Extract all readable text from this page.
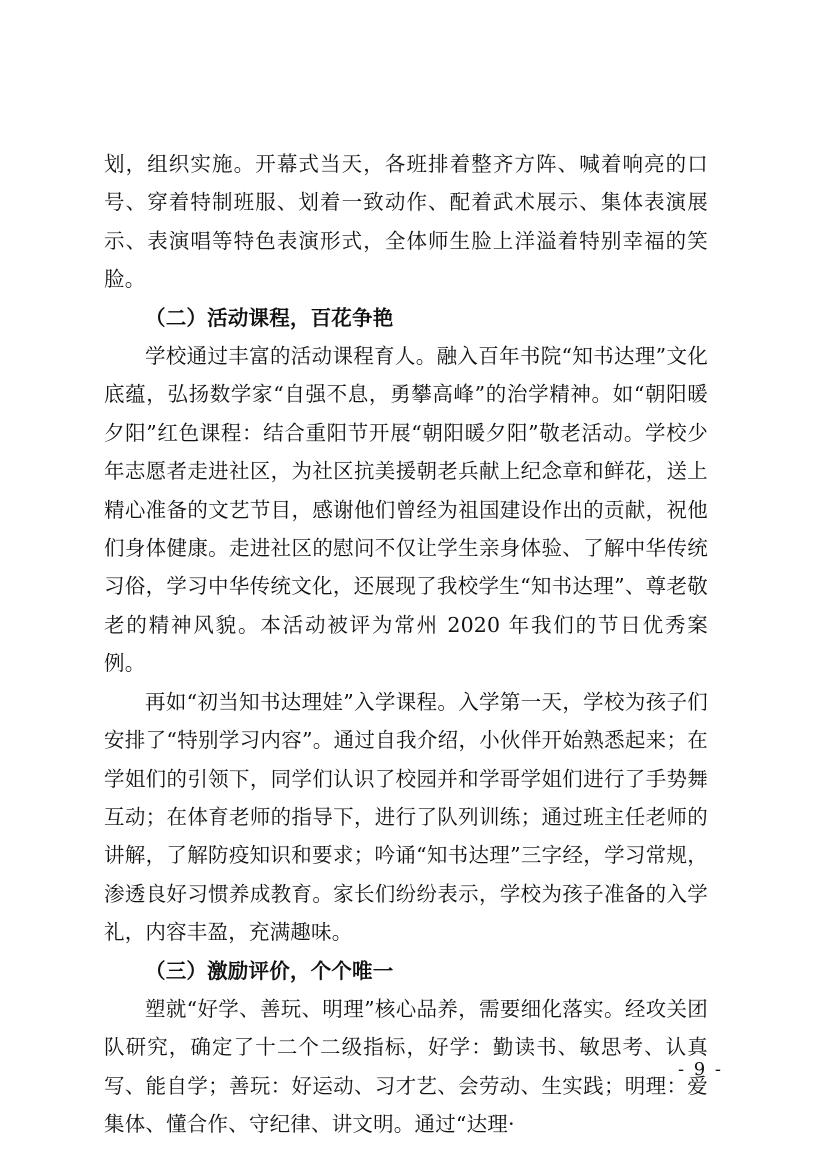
划，组织实施。开幕式当天，各班排着整齐方阵、喊着响亮的口号、穿着特制班服、划着一致动作、配着武术展示、集体表演展示、表演唱等特色表演形式，全体师生脸上洋溢着特别幸福的笑脸。

（二）活动课程，百花争艳

学校通过丰富的活动课程育人。融入百年书院“知书达理”文化底蕴，弘扬数学家“自强不息，勇攀高峰”的治学精神。如“朝阳暖夕阳”红色课程：结合重阳节开展“朝阳暖夕阳”敬老活动。学校少年志愿者走进社区，为社区抗美援朝老兵献上纪念章和鲜花，送上精心准备的文艺节目，感谢他们曾经为祖国建设作出的贡献，祝他们身体健康。走进社区的慰问不仅让学生亲身体验、了解中华传统习俗，学习中华传统文化，还展现了我校学生“知书达理”、尊老敬老的精神风貌。本活动被评为常州 2020 年我们的节日优秀案例。

再如“初当知书达理娃”入学课程。入学第一天，学校为孩子们安排了“特别学习内容”。通过自我介绍，小伙伴开始熟悉起来；在学姐们的引领下，同学们认识了校园并和学哥学姐们进行了手势舞互动；在体育老师的指导下，进行了队列训练；通过班主任老师的讲解，了解防疫知识和要求；吟诵“知书达理”三字经，学习常规，渗透良好习惯养成教育。家长们纷纷表示，学校为孩子准备的入学礼，内容丰盈，充满趣味。

（三）激励评价，个个唯一

塑就“好学、善玩、明理”核心品养，需要细化落实。经攻关团队研究，确定了十二个二级指标，好学：勤读书、敏思考、认真写、能自学；善玩：好运动、习才艺、会劳动、生实践；明理：爱集体、懂合作、守纪律、讲文明。通过“达理·

- 9 -
